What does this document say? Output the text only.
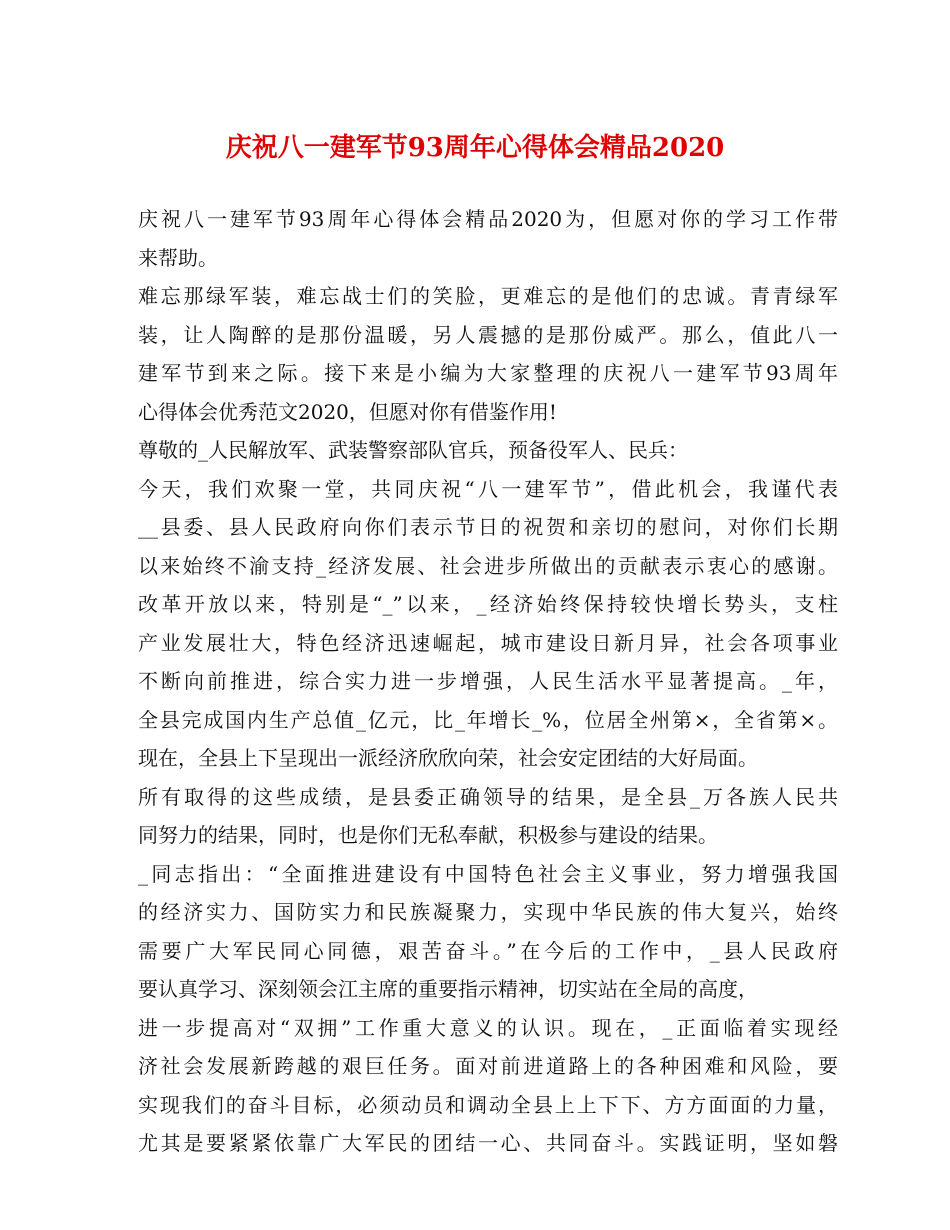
庆祝八一建军节93周年心得体会精品2020
庆祝八一建军节93周年心得体会精品2020为，但愿对你的学习工作带
来帮助。
难忘那绿军装，难忘战士们的笑脸，更难忘的是他们的忠诚。青青绿军
装，让人陶醉的是那份温暖，另人震撼的是那份威严。那么，值此八一
建军节到来之际。接下来是小编为大家整理的庆祝八一建军节93周年
心得体会优秀范文2020，但愿对你有借鉴作用!
尊敬的_人民解放军、武装警察部队官兵，预备役军人、民兵：
今天，我们欢聚一堂，共同庆祝“八一建军节”，借此机会，我谨代表
__县委、县人民政府向你们表示节日的祝贺和亲切的慰问，对你们长期
以来始终不渝支持_经济发展、社会进步所做出的贡献表示衷心的感谢。
改革开放以来，特别是“_”以来，_经济始终保持较快增长势头，支柱
产业发展壮大，特色经济迅速崛起，城市建设日新月异，社会各项事业
不断向前推进，综合实力进一步增强，人民生活水平显著提高。_年，
全县完成国内生产总值_亿元，比_年增长_%，位居全州第×，全省第×。
现在，全县上下呈现出一派经济欣欣向荣，社会安定团结的大好局面。
所有取得的这些成绩，是县委正确领导的结果，是全县_万各族人民共
同努力的结果，同时，也是你们无私奉献，积极参与建设的结果。
_同志指出：“全面推进建设有中国特色社会主义事业，努力增强我国
的经济实力、国防实力和民族凝聚力，实现中华民族的伟大复兴，始终
需要广大军民同心同德，艰苦奋斗。”在今后的工作中，_县人民政府
要认真学习、深刻领会江主席的重要指示精神，切实站在全局的高度，
进一步提高对“双拥”工作重大意义的认识。现在，_正面临着实现经
济社会发展新跨越的艰巨任务。面对前进道路上的各种困难和风险，要
实现我们的奋斗目标，必须动员和调动全县上上下下、方方面面的力量，
尤其是要紧紧依靠广大军民的团结一心、共同奋斗。实践证明，坚如磐
